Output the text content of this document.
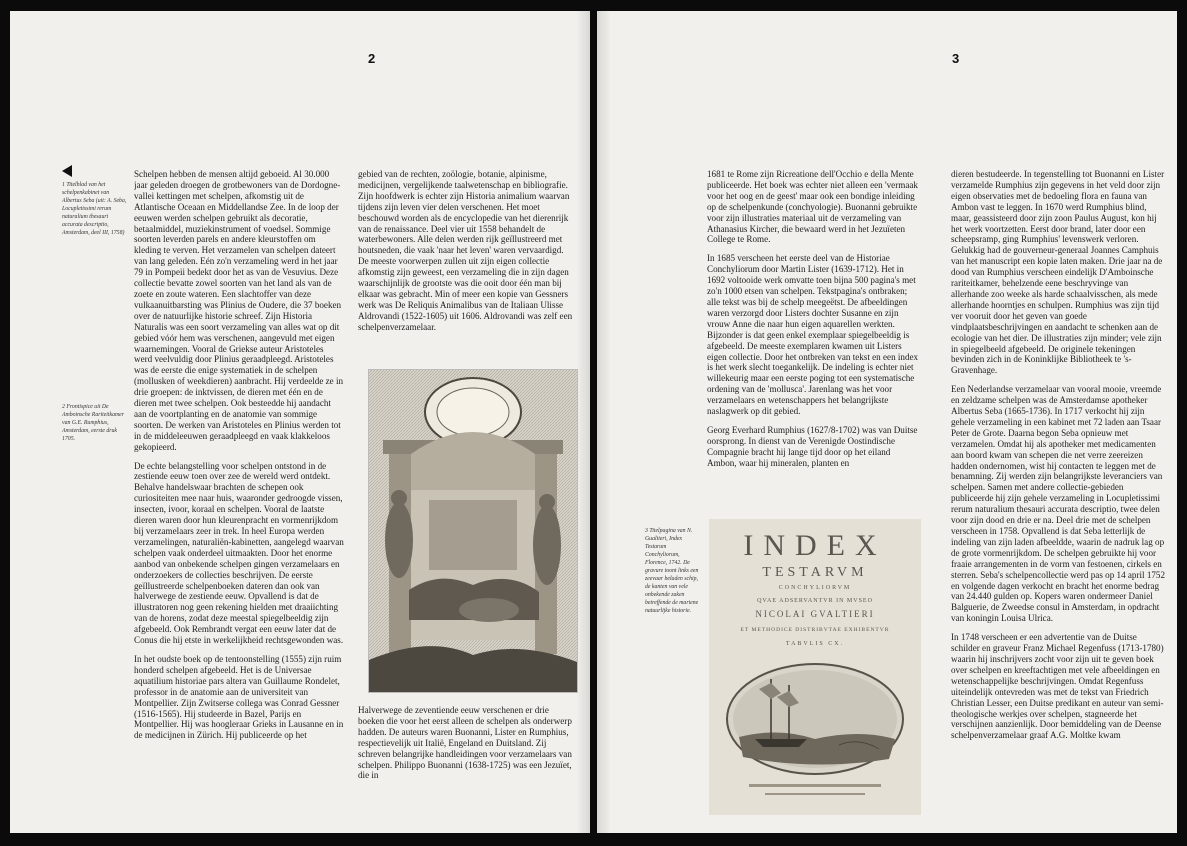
2
1 Titelblad van het schelpenkabinet van Albertus Seba (uit: A. Seba, Locupletissimi rerum naturalium thesauri accurata descriptio, Amsterdam, deel III, 1758)
2 Frontispice uit De Amboinsche Rariteitkamer van G.E. Rumphius, Amsterdam, eerste druk 1705.

Schelpen hebben de mensen altijd geboeid. Al 30.000 jaar geleden droegen de grotbewoners van de Dordogne-vallei kettingen met schelpen, afkomstig uit de Atlantische Oceaan en Middellandse Zee. In de loop der eeuwen werden schelpen gebruikt als decoratie, betaalmiddel, muziekinstrument of voedsel. Sommige soorten leverden parels en andere kleurstoffen om kleding te verven. Het verzamelen van schelpen dateert van lang geleden. Eén zo'n verzameling werd in het jaar 79 in Pompeii bedekt door het as van de Vesuvius. Deze collectie bevatte zowel soorten van het land als van de zoete en zoute wateren. Een slachtoffer van deze vulkaanuitbarsting was Plinius de Oudere, die 37 boeken over de natuurlijke historie schreef. Zijn Historia Naturalis was een soort verzameling van alles wat op dit gebied vóór hem was verschenen, aangevuld met eigen waarnemingen. Vooral de Griekse auteur Aristoteles werd veelvuldig door Plinius geraadpleegd. Aristoteles was de eerste die enige systematiek in de schelpen (mollusken of weekdieren) aanbracht. Hij verdeelde ze in drie groepen: de inktvissen, de dieren met één en de dieren met twee schelpen. Ook besteedde hij aandacht aan de voortplanting en de anatomie van sommige soorten. De werken van Aristoteles en Plinius werden tot in de middeleeuwen geraadpleegd en vaak klakkeloos gekopieerd.

De echte belangstelling voor schelpen ontstond in de zestiende eeuw toen over zee de wereld werd ontdekt. Behalve handelswaar brachten de schepen ook curiositeiten mee naar huis, waaronder gedroogde vissen, insecten, ivoor, koraal en schelpen. Vooral de laatste dieren waren door hun kleurenpracht en vormenrijkdom bij verzamelaars zeer in trek. In heel Europa werden verzamelingen, naturaliën-kabinetten, aangelegd waarvan schelpen vaak onderdeel uitmaakten. Door het enorme aanbod van onbekende schelpen gingen verzamelaars en onderzoekers de collecties beschrijven. De eerste geïllustreerde schelpenboeken dateren dan ook van halverwege de zestiende eeuw. Opvallend is dat de illustratoren nog geen rekening hielden met draaiichting van de horens, zodat deze meestal spiegelbeeldig zijn afgebeeld. Ook Rembrandt vergat een eeuw later dat de Conus die hij etste in werkelijkheid rechtsgewonden was.

In het oudste boek op de tentoonstelling (1555) zijn ruim honderd schelpen afgebeeld. Het is de Universae aquatilium historiae pars altera van Guillaume Rondelet, professor in de anatomie aan de universiteit van Montpellier. Zijn Zwitserse collega was Conrad Gessner (1516-1565). Hij studeerde in Bazel, Parijs en Montpellier. Hij was hoogleraar Grieks in Lausanne en in de medicijnen in Zürich. Hij publiceerde op het

gebied van de rechten, zoölogie, botanie, alpinisme, medicijnen, vergelijkende taalwetenschap en bibliografie. Zijn hoofdwerk is echter zijn Historia animalium waarvan tijdens zijn leven vier delen verschenen. Het moet beschouwd worden als de encyclopedie van het dierenrijk van de renaissance. Deel vier uit 1558 behandelt de waterbewoners. Alle delen werden rijk geïllustreerd met houtsneden, die vaak 'naar het leven' waren vervaardigd. De meeste voorwerpen zullen uit zijn eigen collectie afkomstig zijn geweest, een verzameling die in zijn dagen waarschijnlijk de grootste was die ooit door één man bij elkaar was gebracht. Min of meer een kopie van Gessners werk was De Reliquis Animalibus van de Italiaan Ulisse Aldrovandi (1522-1605) uit 1606. Aldrovandi was zelf een schelpenverzamelaar.

Halverwege de zeventiende eeuw verschenen er drie boeken die voor het eerst alleen de schelpen als onderwerp hadden. De auteurs waren Buonanni, Lister en Rumphius, respectievelijk uit Italië, Engeland en Duitsland. Zij schreven belangrijke handleidingen voor verzamelaars van schelpen. Philippo Buonanni (1638-1725) was een Jezuïet, die in

3

1681 te Rome zijn Ricreatione dell'Occhio e della Mente publiceerde. Het boek was echter niet alleen een 'vermaak voor het oog en de geest' maar ook een bondige inleiding op de schelpenkunde (conchyologie). Buonanni gebruikte voor zijn illustraties materiaal uit de verzameling van Athanasius Kircher, die bewaard werd in het Jezuïeten College te Rome.

In 1685 verscheen het eerste deel van de Historiae Conchyliorum door Martin Lister (1639-1712). Het in 1692 voltooide werk omvatte toen bijna 500 pagina's met zo'n 1000 etsen van schelpen. Tekstpagina's ontbraken; alle tekst was bij de schelp meegeëtst. De afbeeldingen waren verzorgd door Listers dochter Susanne en zijn vrouw Anne die naar hun eigen aquarellen werkten. Bijzonder is dat geen enkel exemplaar spiegelbeeldig is afgebeeld. De meeste exemplaren kwamen uit Listers eigen collectie. Door het ontbreken van tekst en een index is het werk slecht toegankelijk. De indeling is echter niet willekeurig maar een eerste poging tot een systematische ordening van de 'mollusca'. Jarenlang was het voor verzamelaars en wetenschappers het belangrijkste naslagwerk op dit gebied.

Georg Everhard Rumphius (1627/8-1702) was van Duitse oorsprong. In dienst van de Verenigde Oostindische Compagnie bracht hij lange tijd door op het eiland Ambon, waar hij mineralen, planten en

3 Titelpagina van N. Gualtieri, Index Testarum Conchyliorum, Florence, 1742. De gravure toont links een zeevaar beladen schip, de kanten van vele onbekende zaken betreffende de mariene natuurlijke historie.
INDEX
TESTARVM
CONCHYLIORVM
QVAE ADSERVANTVR IN MVSEO
NICOLAI GVALTIERI
ET METHODICE DISTRIBVTAE EXHIBENTVR
TABVLIS CX.

dieren bestudeerde. In tegenstelling tot Buonanni en Lister verzamelde Rumphius zijn gegevens in het veld door zijn eigen observaties met de bedoeling flora en fauna van Ambon vast te leggen. In 1670 werd Rumphius blind, maar, geassisteerd door zijn zoon Paulus August, kon hij het werk voortzetten. Eerst door brand, later door een scheepsramp, ging Rumphius' levenswerk verloren. Gelukkig had de gouverneur-generaal Joannes Camphuis van het manuscript een kopie laten maken. Drie jaar na de dood van Rumphius verscheen eindelijk D'Amboinsche rariteitkamer, behelzende eene beschryvinge van allerhande zoo weeke als harde schaalvisschen, als mede allerhande hoorntjes en schulpen. Rumphius was zijn tijd ver vooruit door het geven van goede vindplaatsbeschrijvingen en aandacht te schenken aan de ecologie van het dier. De illustraties zijn minder; vele zijn in spiegelbeeld afgebeeld. De originele tekeningen bevinden zich in de Koninklijke Bibliotheek te 's-Gravenhage.

Een Nederlandse verzamelaar van vooral mooie, vreemde en zeldzame schelpen was de Amsterdamse apotheker Albertus Seba (1665-1736). In 1717 verkocht hij zijn gehele verzameling in een kabinet met 72 laden aan Tsaar Peter de Grote. Daarna begon Seba opnieuw met verzamelen. Omdat hij als apotheker met medicamenten aan boord kwam van schepen die net verre zeereizen hadden ondernomen, wist hij contacten te leggen met de benamning. Zij werden zijn belangrijkste leveranciers van schelpen. Samen met andere collectie-gebieden publiceerde hij zijn gehele verzameling in Locupletissimi rerum naturalium thesauri accurata descriptio, twee delen voor zijn dood en drie er na. Deel drie met de schelpen verscheen in 1758. Opvallend is dat Seba letterlijk de indeling van zijn laden afbeeldde, waarin de nadruk lag op de grote vormenrijkdom. De schelpen gebruikte hij voor fraaie arrangementen in de vorm van festoenen, cirkels en sterren. Seba's schelpencollectie werd pas op 14 april 1752 en volgende dagen verkocht en bracht het enorme bedrag van 24.440 gulden op. Kopers waren ondermeer Daniel Balguerie, de Zweedse consul in Amsterdam, in opdracht van koningin Louisa Ulrica.

In 1748 verscheen er een advertentie van de Duitse schilder en graveur Franz Michael Regenfuss (1713-1780) waarin hij inschrijvers zocht voor zijn uit te geven boek over schelpen en kreeftachtigen met vele afbeeldingen en wetenschappelijke beschrijvingen. Omdat Regenfuss uiteindelijk ontevreden was met de tekst van Friedrich Christian Lesser, een Duitse predikant en auteur van semi-theologische werkjes over schelpen, stagneerde het verschijnen aanzienlijk. Door bemiddeling van de Deense schelpenverzamelaar graaf A.G. Moltke kwam
